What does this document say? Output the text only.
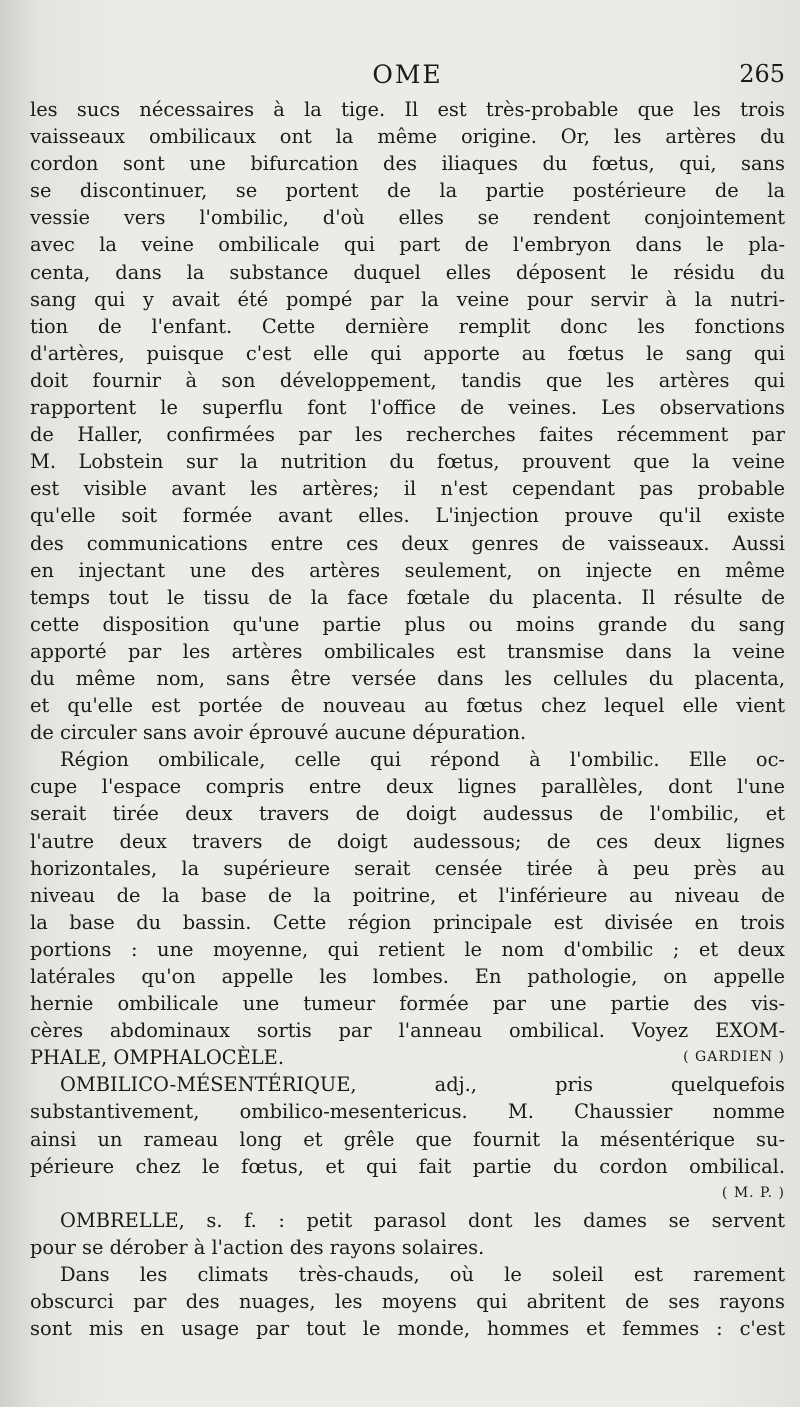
OME	265
les sucs nécessaires à la tige. Il est très-probable que les trois
vaisseaux ombilicaux ont la même origine. Or, les artères du
cordon sont une bifurcation des iliaques du fœtus, qui, sans
se discontinuer, se portent de la partie postérieure de la
vessie vers l'ombilic, d'où elles se rendent conjointement
avec la veine ombilicale qui part de l'embryon dans le pla-
centa, dans la substance duquel elles déposent le résidu du
sang qui y avait été pompé par la veine pour servir à la nutri-
tion de l'enfant. Cette dernière remplit donc les fonctions
d'artères, puisque c'est elle qui apporte au fœtus le sang qui
doit fournir à son développement, tandis que les artères qui
rapportent le superflu font l'office de veines. Les observations
de Haller, confirmées par les recherches faites récemment par
M. Lobstein sur la nutrition du fœtus, prouvent que la veine
est visible avant les artères; il n'est cependant pas probable
qu'elle soit formée avant elles. L'injection prouve qu'il existe
des communications entre ces deux genres de vaisseaux. Aussi
en injectant une des artères seulement, on injecte en même
temps tout le tissu de la face fœtale du placenta. Il résulte de
cette disposition qu'une partie plus ou moins grande du sang
apporté par les artères ombilicales est transmise dans la veine
du même nom, sans être versée dans les cellules du placenta,
et qu'elle est portée de nouveau au fœtus chez lequel elle vient
de circuler sans avoir éprouvé aucune dépuration.
Région ombilicale, celle qui répond à l'ombilic. Elle oc-
cupe l'espace compris entre deux lignes parallèles, dont l'une
serait tirée deux travers de doigt audessus de l'ombilic, et
l'autre deux travers de doigt audessous; de ces deux lignes
horizontales, la supérieure serait censée tirée à peu près au
niveau de la base de la poitrine, et l'inférieure au niveau de
la base du bassin. Cette région principale est divisée en trois
portions : une moyenne, qui retient le nom d'ombilic ; et deux
latérales qu'on appelle les lombes. En pathologie, on appelle
hernie ombilicale une tumeur formée par une partie des vis-
cères abdominaux sortis par l'anneau ombilical. Voyez EXOM-
PHALE, OMPHALOCÈLE.	( GARDIEN )
OMBILICO-MÉSENTÉRIQUE, adj., pris quelquefois
substantivement, ombilico-mesentericus. M. Chaussier nomme
ainsi un rameau long et grêle que fournit la mésentérique su-
périeure chez le fœtus, et qui fait partie du cordon ombilical.
( M. P. )
OMBRELLE, s. f. : petit parasol dont les dames se servent
pour se dérober à l'action des rayons solaires.
Dans les climats très-chauds, où le soleil est rarement
obscurci par des nuages, les moyens qui abritent de ses rayons
sont mis en usage par tout le monde, hommes et femmes : c'est
